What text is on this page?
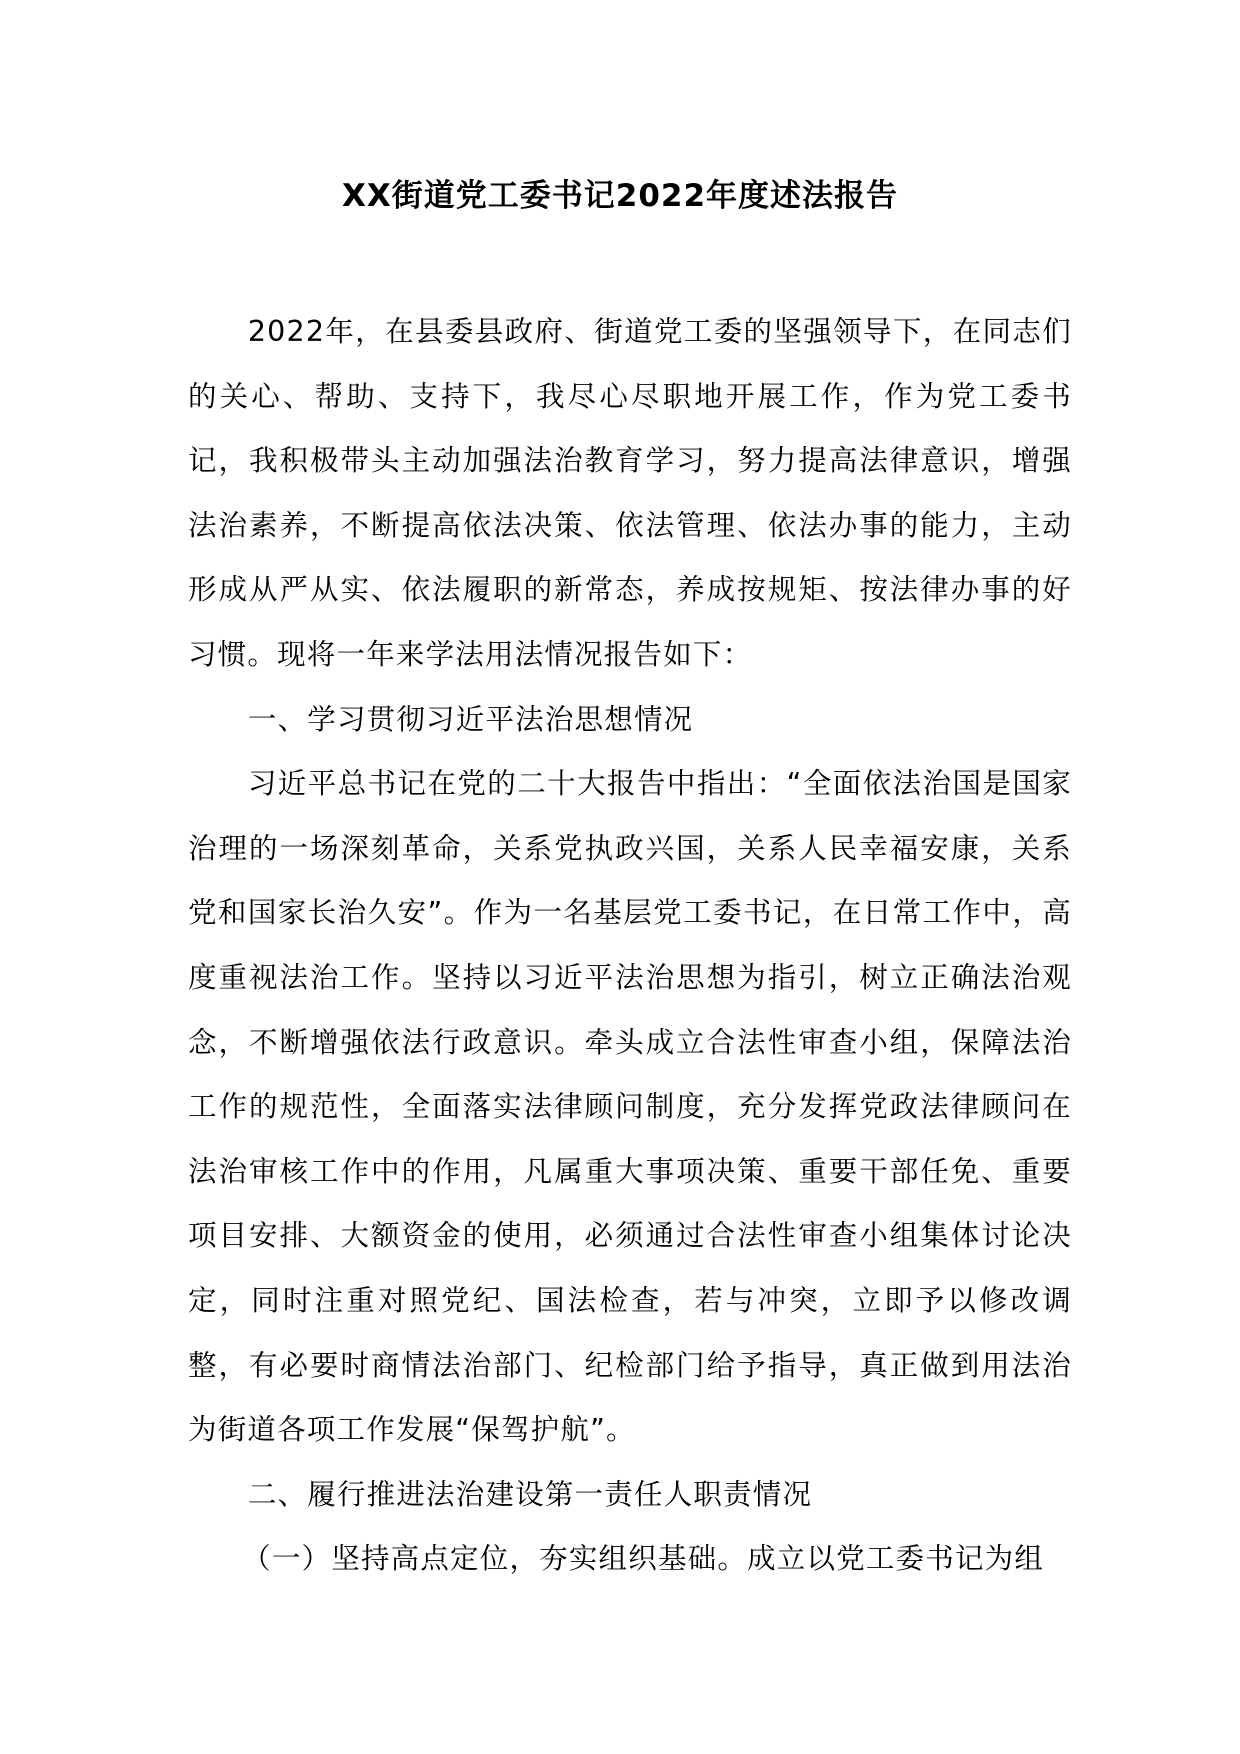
XX街道党工委书记2022年度述法报告

2022年，在县委县政府、街道党工委的坚强领导下，在同志们的关心、帮助、支持下，我尽心尽职地开展工作，作为党工委书记，我积极带头主动加强法治教育学习，努力提高法律意识，增强法治素养，不断提高依法决策、依法管理、依法办事的能力，主动形成从严从实、依法履职的新常态，养成按规矩、按法律办事的好习惯。现将一年来学法用法情况报告如下：

一、学习贯彻习近平法治思想情况

习近平总书记在党的二十大报告中指出：“全面依法治国是国家治理的一场深刻革命，关系党执政兴国，关系人民幸福安康，关系党和国家长治久安”。作为一名基层党工委书记，在日常工作中，高度重视法治工作。坚持以习近平法治思想为指引，树立正确法治观念，不断增强依法行政意识。牵头成立合法性审查小组，保障法治工作的规范性，全面落实法律顾问制度，充分发挥党政法律顾问在法治审核工作中的作用，凡属重大事项决策、重要干部任免、重要项目安排、大额资金的使用，必须通过合法性审查小组集体讨论决定，同时注重对照党纪、国法检查，若与冲突，立即予以修改调整，有必要时商情法治部门、纪检部门给予指导，真正做到用法治为街道各项工作发展“保驾护航”。

二、履行推进法治建设第一责任人职责情况

（一）坚持高点定位，夯实组织基础。成立以党工委书记为组
